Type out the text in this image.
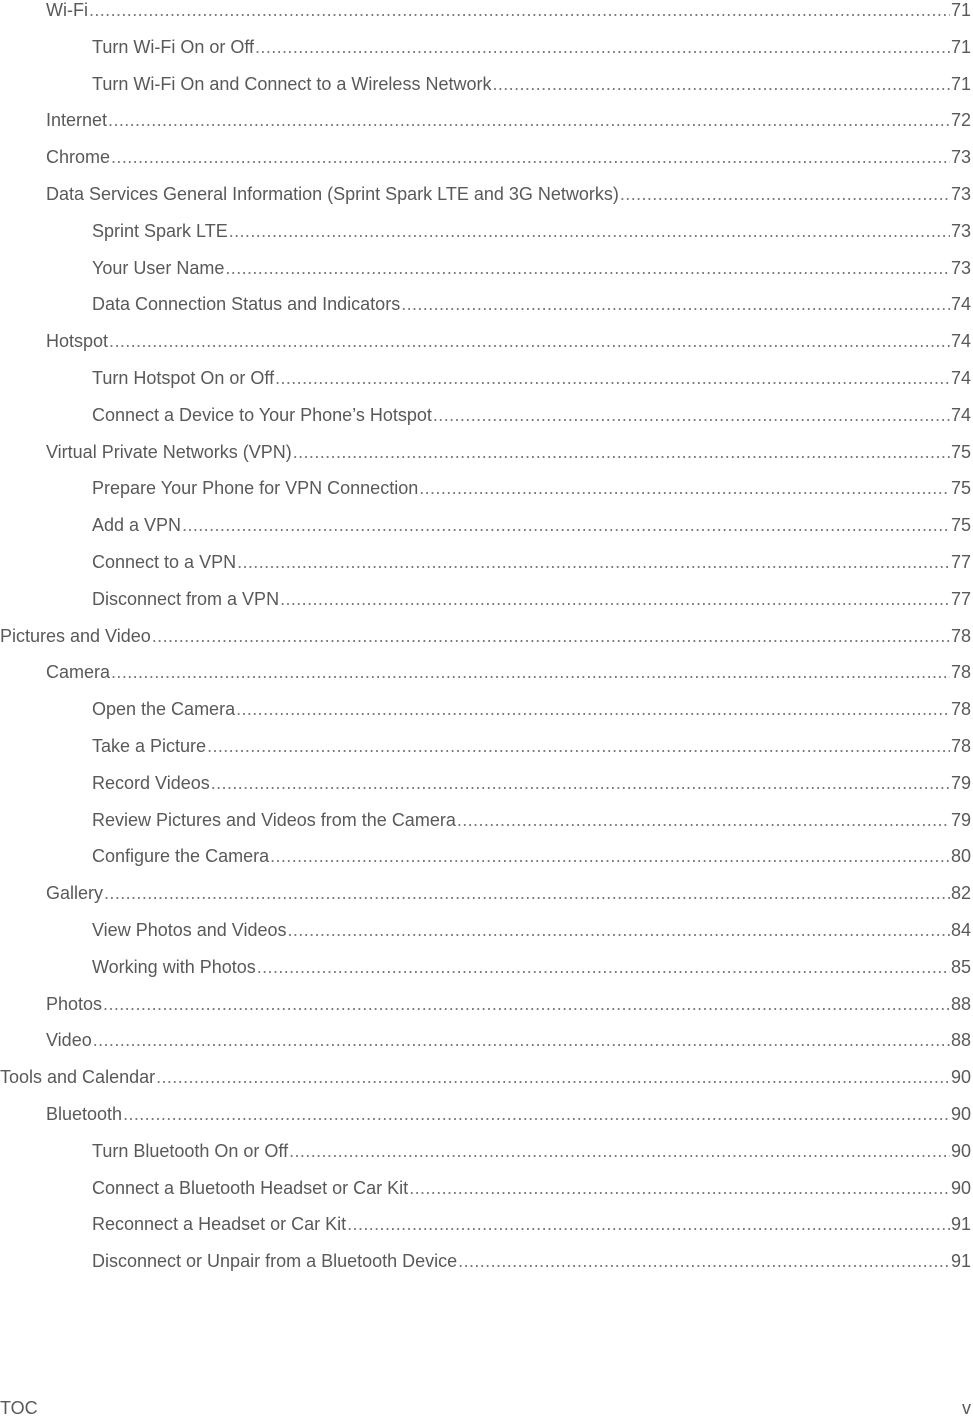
Wi-Fi .....	71
Turn Wi-Fi On or Off .....	71
Turn Wi-Fi On and Connect to a Wireless Network .....	71
Internet .....	72
Chrome .....	73
Data Services General Information (Sprint Spark LTE and 3G Networks) .....	73
Sprint Spark LTE .....	73
Your User Name .....	73
Data Connection Status and Indicators .....	74
Hotspot .....	74
Turn Hotspot On or Off .....	74
Connect a Device to Your Phone’s Hotspot .....	74
Virtual Private Networks (VPN) .....	75
Prepare Your Phone for VPN Connection .....	75
Add a VPN .....	75
Connect to a VPN .....	77
Disconnect from a VPN .....	77
Pictures and Video .....	78
Camera .....	78
Open the Camera .....	78
Take a Picture .....	78
Record Videos .....	79
Review Pictures and Videos from the Camera .....	79
Configure the Camera .....	80
Gallery .....	82
View Photos and Videos .....	84
Working with Photos .....	85
Photos .....	88
Video .....	88
Tools and Calendar .....	90
Bluetooth .....	90
Turn Bluetooth On or Off .....	90
Connect a Bluetooth Headset or Car Kit .....	90
Reconnect a Headset or Car Kit .....	91
Disconnect or Unpair from a Bluetooth Device .....	91
TOC	v
